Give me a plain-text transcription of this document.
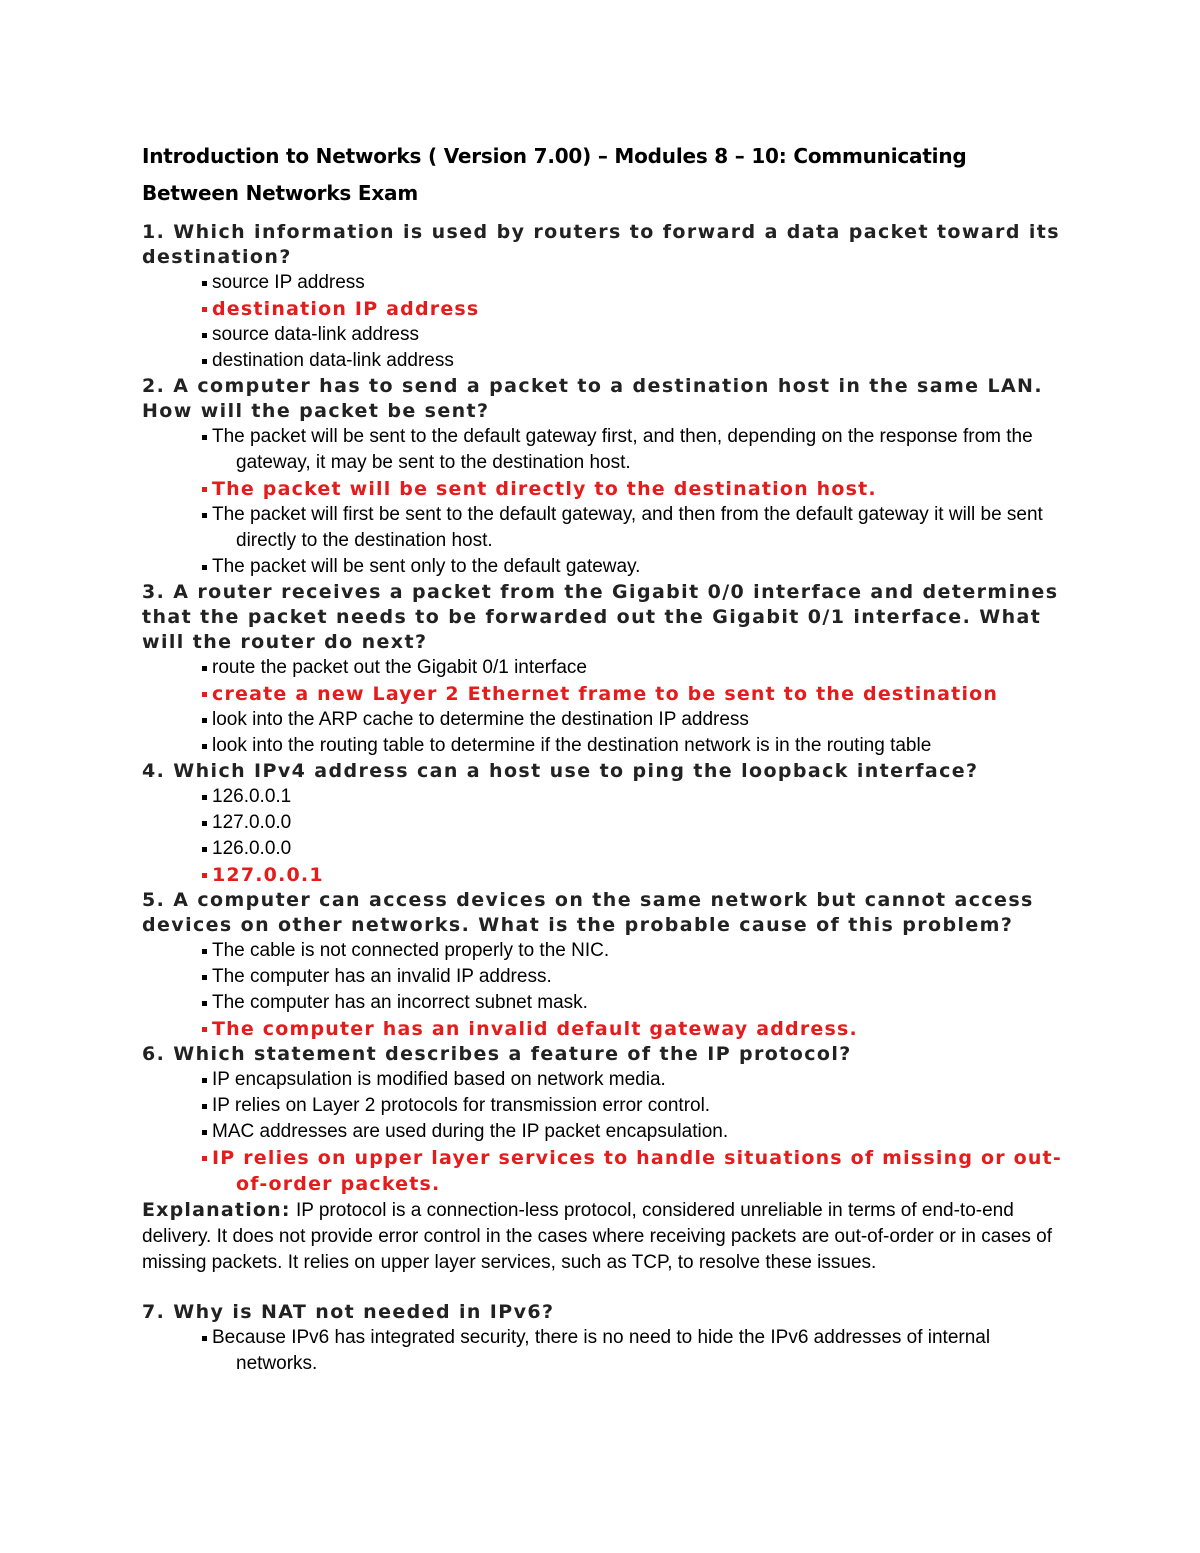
Introduction to Networks ( Version 7.00) – Modules 8 – 10: Communicating
Between Networks Exam
1. Which information is used by routers to forward a data packet toward its destination?
source IP address
destination IP address
source data-link address
destination data-link address
2. A computer has to send a packet to a destination host in the same LAN. How will the packet be sent?
The packet will be sent to the default gateway first, and then, depending on the response from the gateway, it may be sent to the destination host.
The packet will be sent directly to the destination host.
The packet will first be sent to the default gateway, and then from the default gateway it will be sent directly to the destination host.
The packet will be sent only to the default gateway.
3. A router receives a packet from the Gigabit 0/0 interface and determines that the packet needs to be forwarded out the Gigabit 0/1 interface. What will the router do next?
route the packet out the Gigabit 0/1 interface
create a new Layer 2 Ethernet frame to be sent to the destination
look into the ARP cache to determine the destination IP address
look into the routing table to determine if the destination network is in the routing table
4. Which IPv4 address can a host use to ping the loopback interface?
126.0.0.1
127.0.0.0
126.0.0.0
127.0.0.1
5. A computer can access devices on the same network but cannot access devices on other networks. What is the probable cause of this problem?
The cable is not connected properly to the NIC.
The computer has an invalid IP address.
The computer has an incorrect subnet mask.
The computer has an invalid default gateway address.
6. Which statement describes a feature of the IP protocol?
IP encapsulation is modified based on network media.
IP relies on Layer 2 protocols for transmission error control.
MAC addresses are used during the IP packet encapsulation.
IP relies on upper layer services to handle situations of missing or out-of-order packets.

Explanation: IP protocol is a connection-less protocol, considered unreliable in terms of end-to-end delivery. It does not provide error control in the cases where receiving packets are out-of-order or in cases of missing packets. It relies on upper layer services, such as TCP, to resolve these issues.

7. Why is NAT not needed in IPv6?
Because IPv6 has integrated security, there is no need to hide the IPv6 addresses of internal networks.
